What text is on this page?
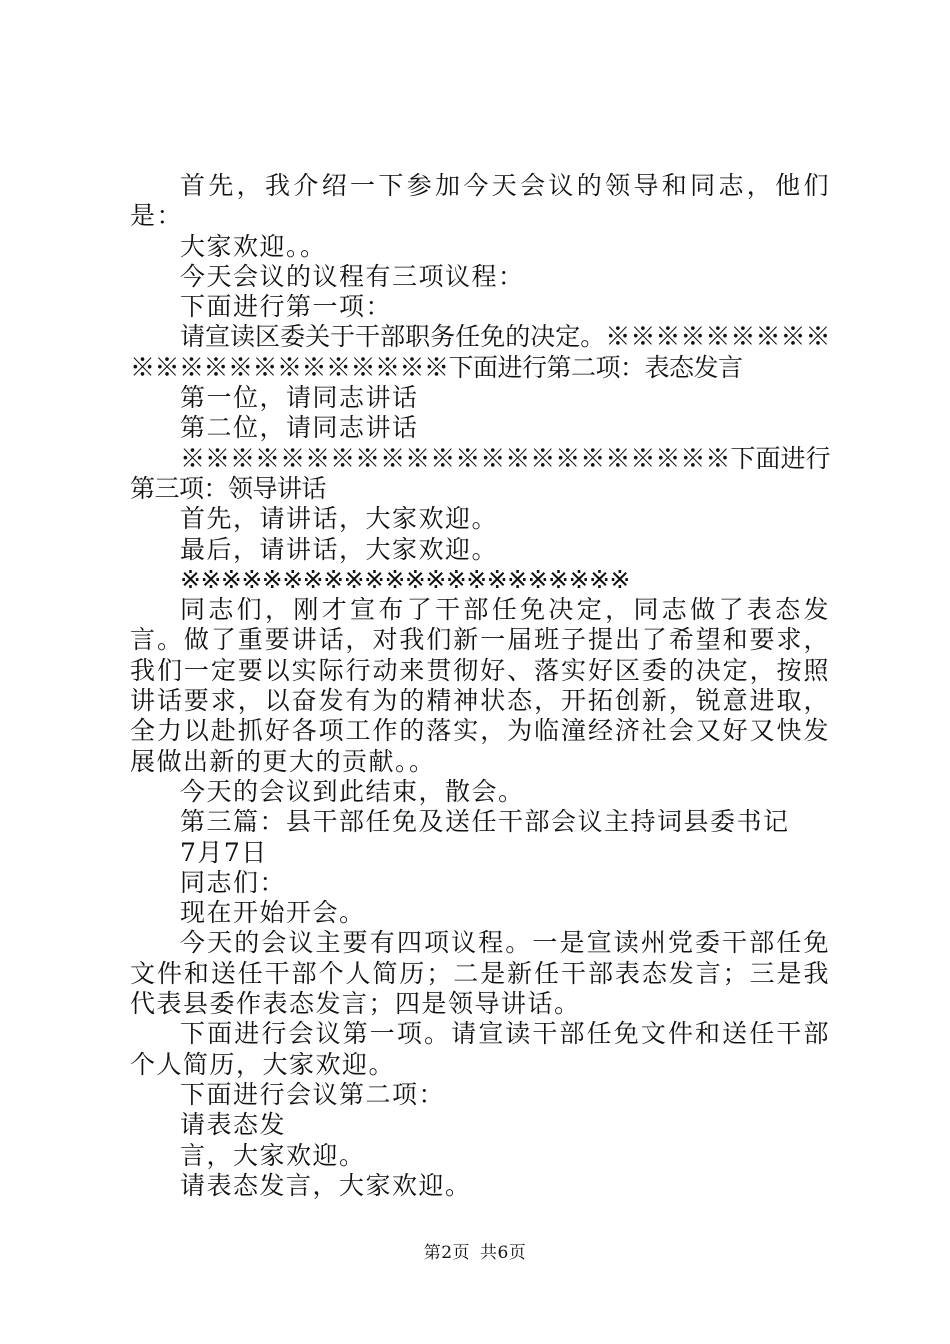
首先，我介绍一下参加今天会议的领导和同志，他们是：

大家欢迎。。

今天会议的议程有三项议程：

下面进行第一项：

请宣读区委关于干部职务任免的决定。※※※※※※※※※※※※※※※※※※※※※※下面进行第二项：表态发言

第一位，请同志讲话

第二位，请同志讲话

※※※※※※※※※※※※※※※※※※※※※※下面进行第三项：领导讲话

首先，请讲话，大家欢迎。

最后，请讲话，大家欢迎。

※※※※※※※※※※※※※※※※※※※※※※

同志们，刚才宣布了干部任免决定，同志做了表态发言。做了重要讲话，对我们新一届班子提出了希望和要求，我们一定要以实际行动来贯彻好、落实好区委的决定，按照讲话要求，以奋发有为的精神状态，开拓创新，锐意进取，全力以赴抓好各项工作的落实，为临潼经济社会又好又快发展做出新的更大的贡献。。

今天的会议到此结束，散会。

第三篇：县干部任免及送任干部会议主持词县委书记

7月7日

同志们：

现在开始开会。

今天的会议主要有四项议程。一是宣读州党委干部任免文件和送任干部个人简历；二是新任干部表态发言；三是我代表县委作表态发言；四是领导讲话。

下面进行会议第一项。请宣读干部任免文件和送任干部个人简历，大家欢迎。

下面进行会议第二项：

请表态发

言，大家欢迎。

请表态发言，大家欢迎。

第2页 共6页
